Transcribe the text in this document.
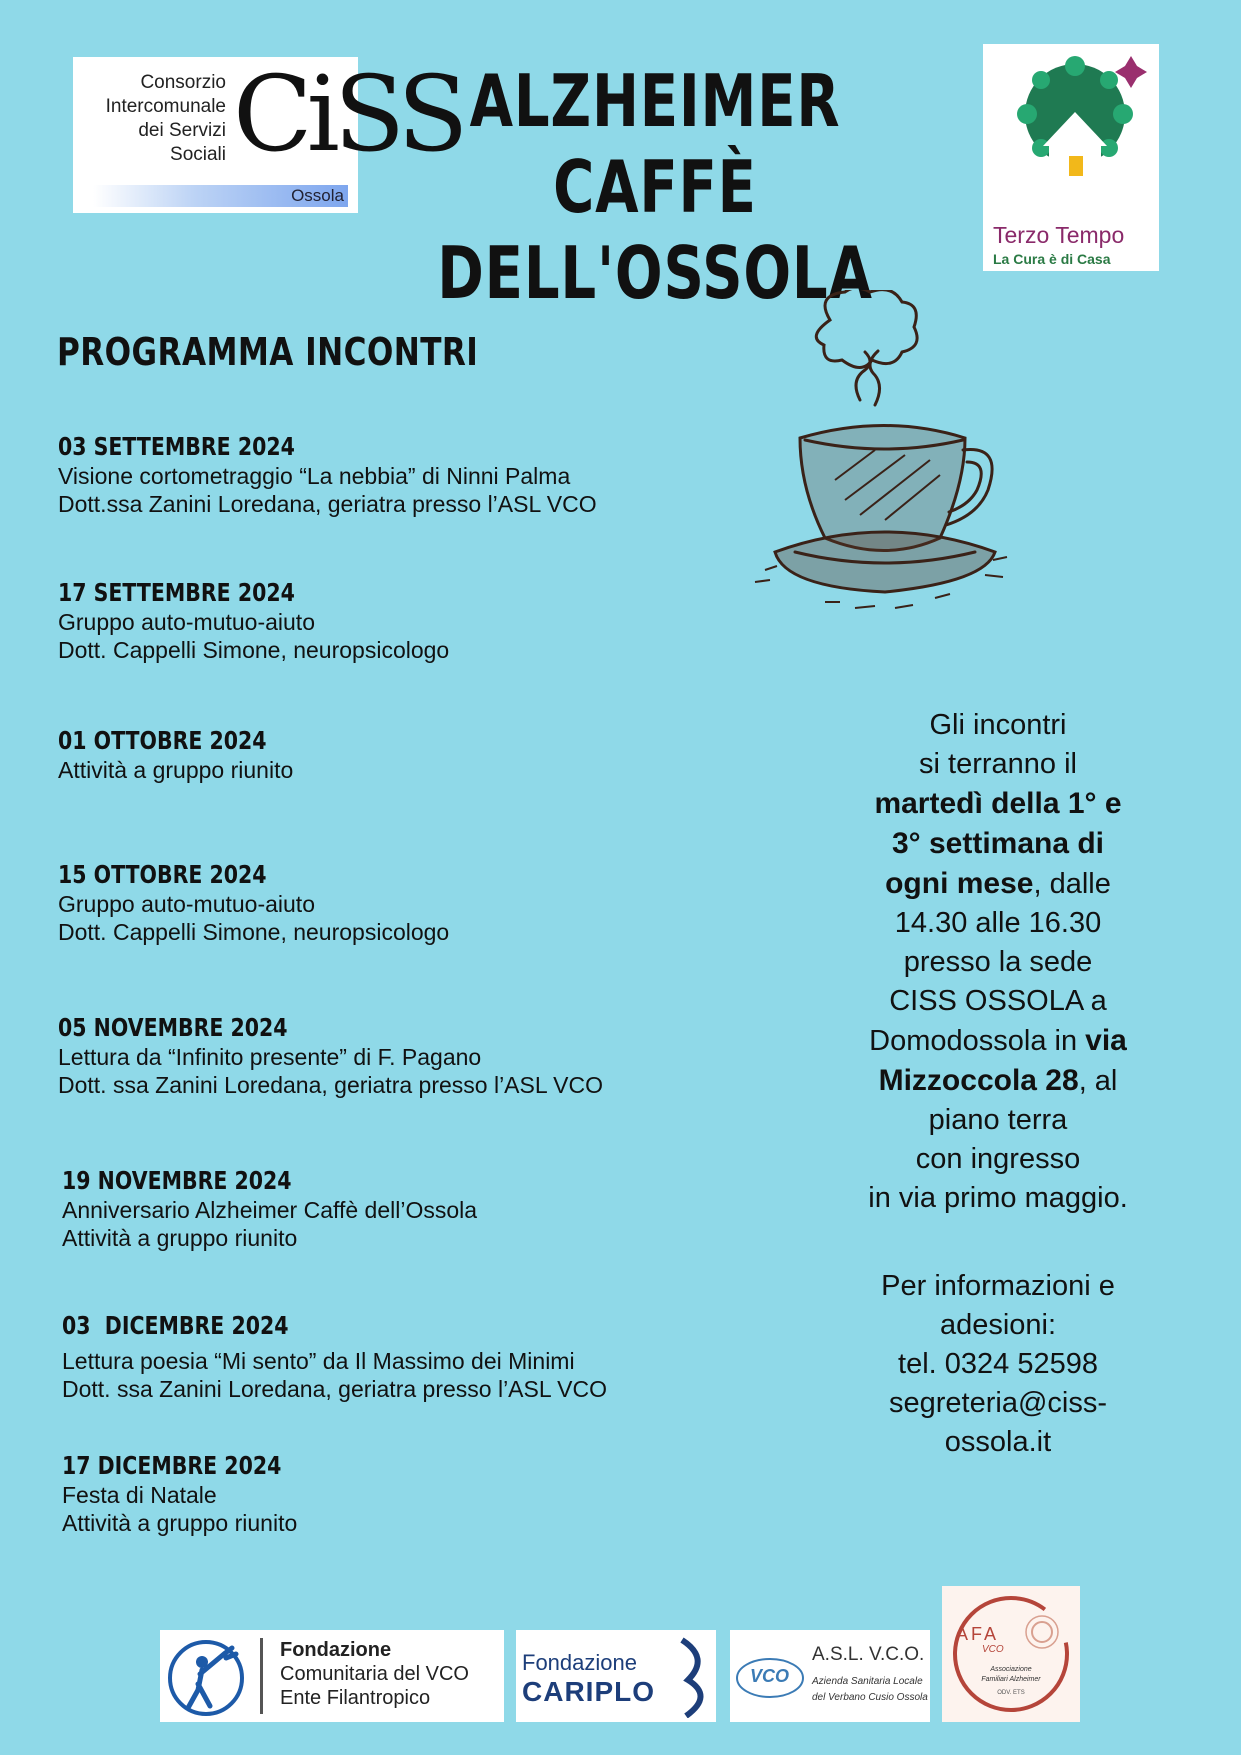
Consorzio
Intercomunale
dei Servizi
Sociali CiSS
Ossola
ALZHEIMER CAFFÈ
DELL'OSSOLA	Terzo Tempo
La Cura è di Casa
PROGRAMMA INCONTRI
03 SETTEMBRE 2024
Visione cortometraggio “La nebbia” di Ninni Palma
Dott.ssa Zanini Loredana, geriatra presso l’ASL VCO
17 SETTEMBRE 2024
Gruppo auto-mutuo-aiuto
Dott. Cappelli Simone, neuropsicologo
01 OTTOBRE 2024
Attività a gruppo riunito
15 OTTOBRE 2024
Gruppo auto-mutuo-aiuto
Dott. Cappelli Simone, neuropsicologo
05 NOVEMBRE 2024
Lettura da “Infinito presente” di F. Pagano
Dott. ssa Zanini Loredana, geriatra presso l’ASL VCO
19 NOVEMBRE 2024
Anniversario Alzheimer Caffè dell’Ossola
Attività a gruppo riunito
03  DICEMBRE 2024
Lettura poesia “Mi sento” da Il Massimo dei Minimi
Dott. ssa Zanini Loredana, geriatra presso l’ASL VCO
17 DICEMBRE 2024
Festa di Natale
Attività a gruppo riunito
Gli incontri
si terranno il
martedì della 1° e
3° settimana di
ogni mese, dalle
14.30 alle 16.30
presso la sede
CISS OSSOLA a
Domodossola in via
Mizzoccola 28, al
piano terra
con ingresso
in via primo maggio.
Per informazioni e
adesioni:
tel. 0324 52598
segreteria@ciss-
ossola.it
Fondazione
Comunitaria del VCO
Ente Filantropico
Fondazione
CARIPLO	VCO
A.S.L. V.C.O.
Azienda Sanitaria Locale
del Verbano Cusio Ossola
AFA
VCO
Associazione
Familiari Alzheimer
ODV. ETS
